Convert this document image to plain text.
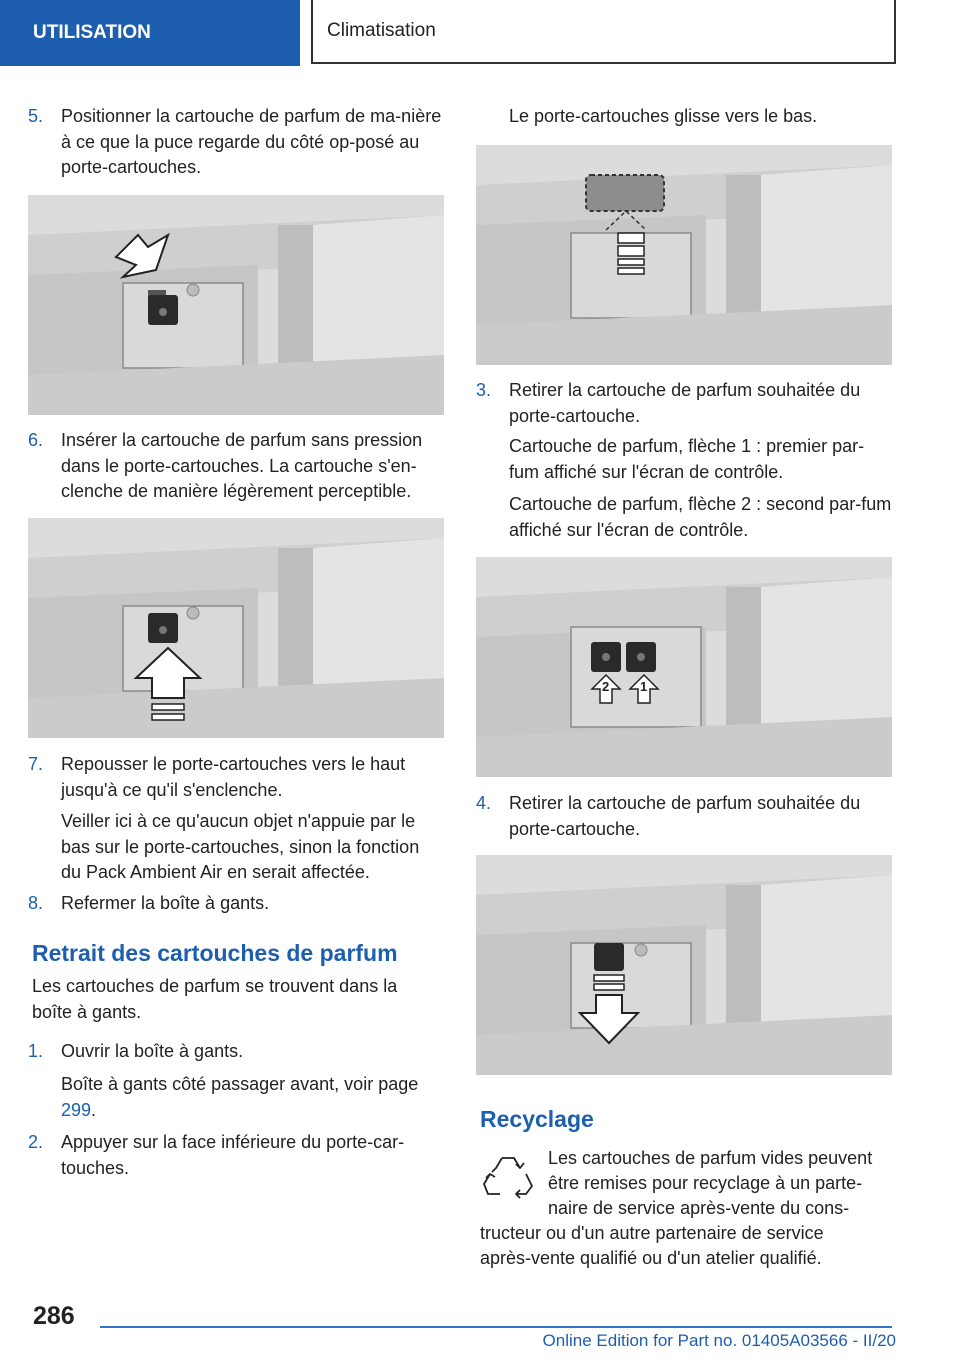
UTILISATION	Climatisation
5. Positionner la cartouche de parfum de ma‐nière à ce que la puce regarde du côté op‐posé au porte-cartouches.
6. Insérer la cartouche de parfum sans pression dans le porte-cartouches. La cartouche s'en‐clenche de manière légèrement perceptible.
7. Repousser le porte-cartouches vers le haut jusqu'à ce qu'il s'enclenche.
Veiller ici à ce qu'aucun objet n'appuie par le bas sur le porte-cartouches, sinon la fonction du Pack Ambient Air en serait affectée.
8. Refermer la boîte à gants.
Retrait des cartouches de parfum
Les cartouches de parfum se trouvent dans la boîte à gants.
1. Ouvrir la boîte à gants.
Boîte à gants côté passager avant, voir page 299.
2. Appuyer sur la face inférieure du porte-car‐touches.
Le porte-cartouches glisse vers le bas.
3. Retirer la cartouche de parfum souhaitée du porte-cartouche.
Cartouche de parfum, flèche 1 : premier par‐fum affiché sur l'écran de contrôle.
Cartouche de parfum, flèche 2 : second par‐fum affiché sur l'écran de contrôle.
2 1
4. Retirer la cartouche de parfum souhaitée du porte-cartouche.
Recyclage
Les cartouches de parfum vides peuvent
être remises pour recyclage à un parte‐
naire de service après-vente du cons‐
tructeur ou d'un autre partenaire de service
après-vente qualifié ou d'un atelier qualifié.
286
Online Edition for Part no. 01405A03566 - II/20
